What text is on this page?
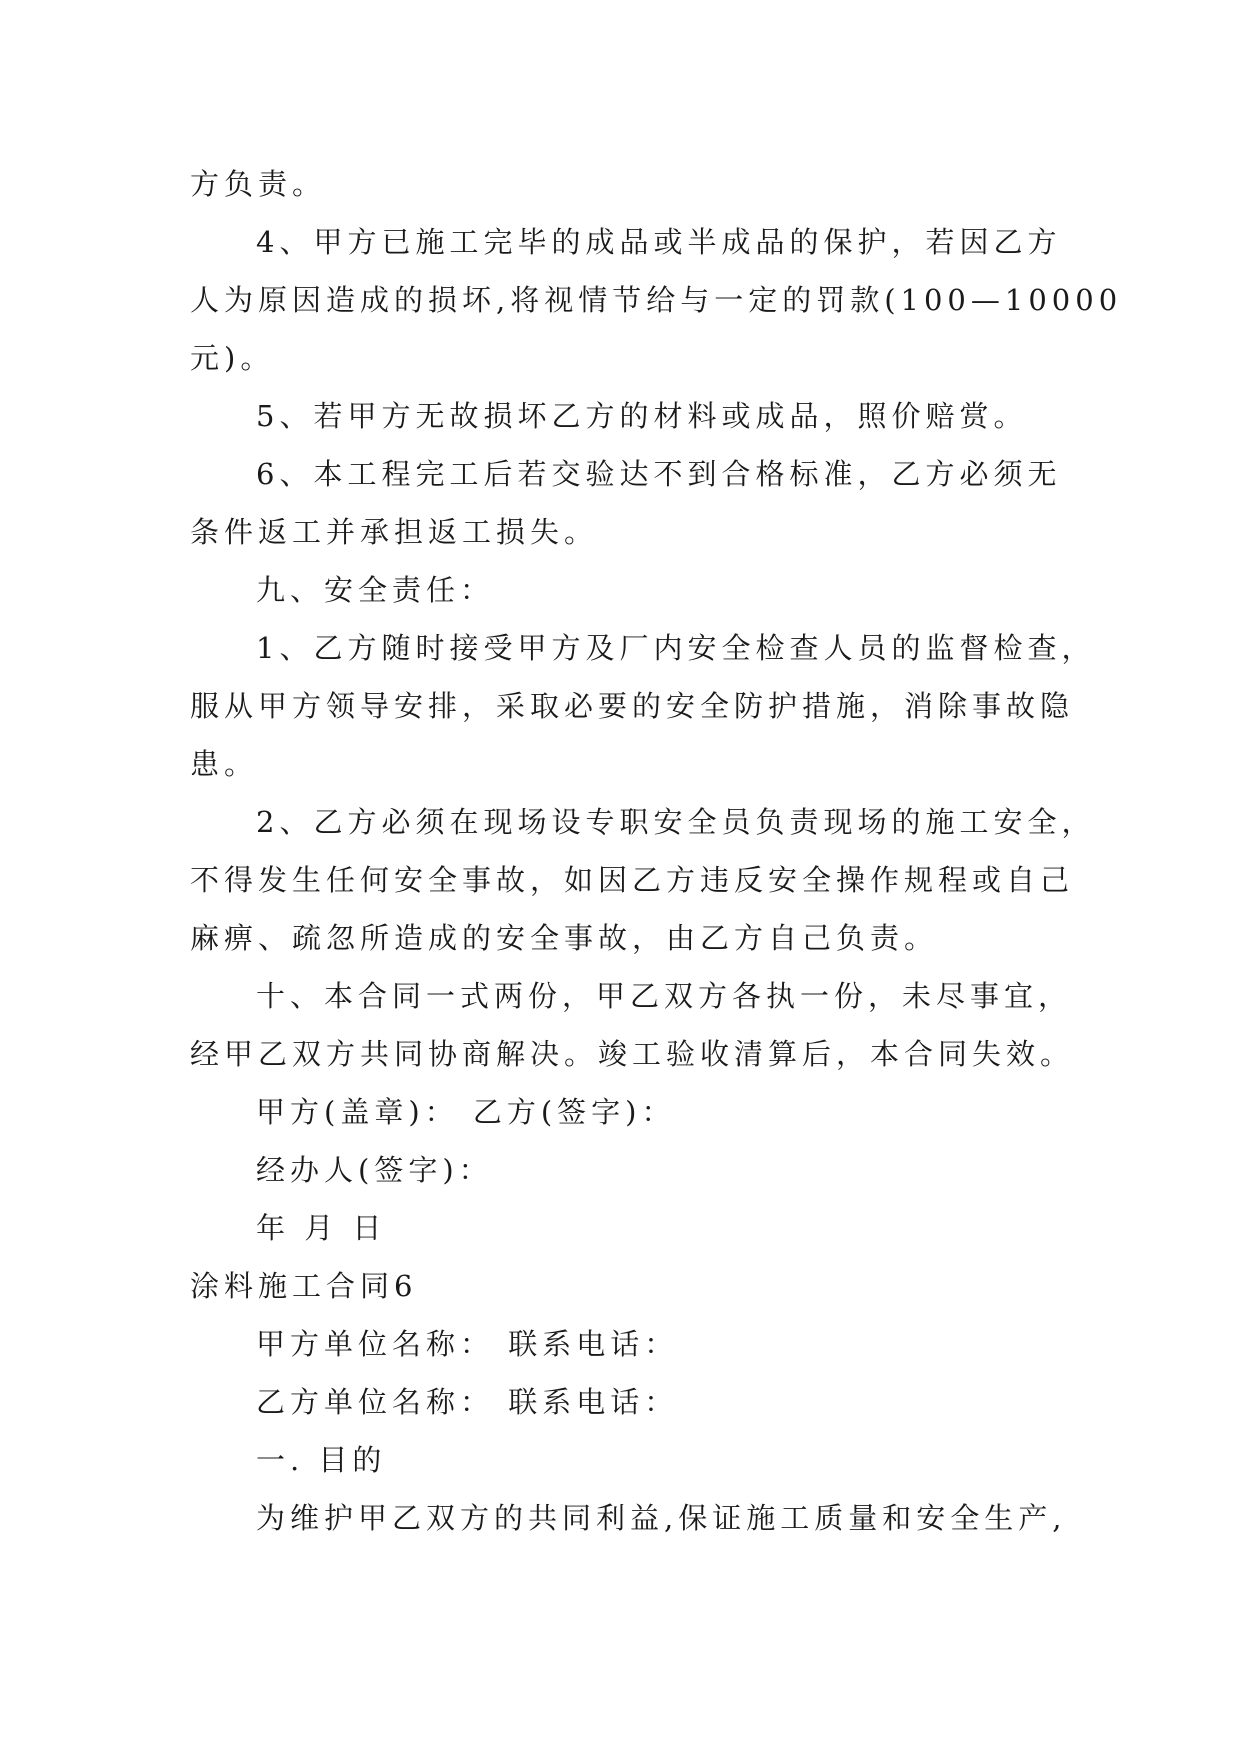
方负责。

4、甲方已施工完毕的成品或半成品的保护，若因乙方

人为原因造成的损坏,将视情节给与一定的罚款(100—10000

元)。

5、若甲方无故损坏乙方的材料或成品，照价赔赏。

6、本工程完工后若交验达不到合格标准，乙方必须无

条件返工并承担返工损失。

九、安全责任：

1、乙方随时接受甲方及厂内安全检查人员的监督检查，

服从甲方领导安排，采取必要的安全防护措施，消除事故隐

患。

2、乙方必须在现场设专职安全员负责现场的施工安全，

不得发生任何安全事故，如因乙方违反安全操作规程或自己

麻痹、疏忽所造成的安全事故，由乙方自己负责。

十、本合同一式两份，甲乙双方各执一份，未尽事宜，

经甲乙双方共同协商解决。竣工验收清算后，本合同失效。

甲方(盖章)： 乙方(签字)：

经办人(签字)：

年 月 日

涂料施工合同6

甲方单位名称： 联系电话：

乙方单位名称： 联系电话：

一. 目的

为维护甲乙双方的共同利益,保证施工质量和安全生产,
